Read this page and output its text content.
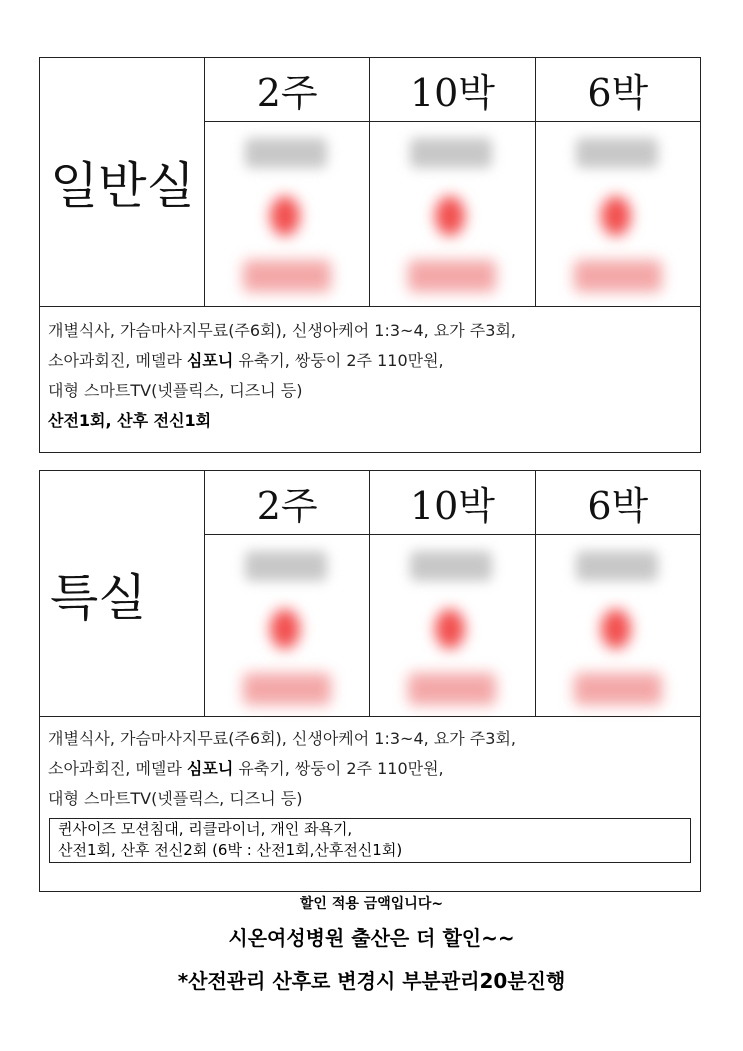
일반실
2주	10박	6박
개별식사, 가슴마사지무료(주6회), 신생아케어 1:3~4, 요가 주3회,
소아과회진, 메델라 심포니 유축기, 쌍둥이 2주 110만원,
대형 스마트TV(넷플릭스, 디즈니 등)
산전1회, 산후 전신1회
특실
2주	10박	6박
개별식사, 가슴마사지무료(주6회), 신생아케어 1:3~4, 요가 주3회,
소아과회진, 메델라 심포니 유축기, 쌍둥이 2주 110만원,
대형 스마트TV(넷플릭스, 디즈니 등)
퀸사이즈 모션침대, 리클라이너, 개인 좌욕기,
산전1회, 산후 전신2회 (6박 : 산전1회,산후전신1회)
할인 적용 금액입니다~
시온여성병원 출산은 더 할인~~
*산전관리 산후로 변경시 부분관리20분진행
